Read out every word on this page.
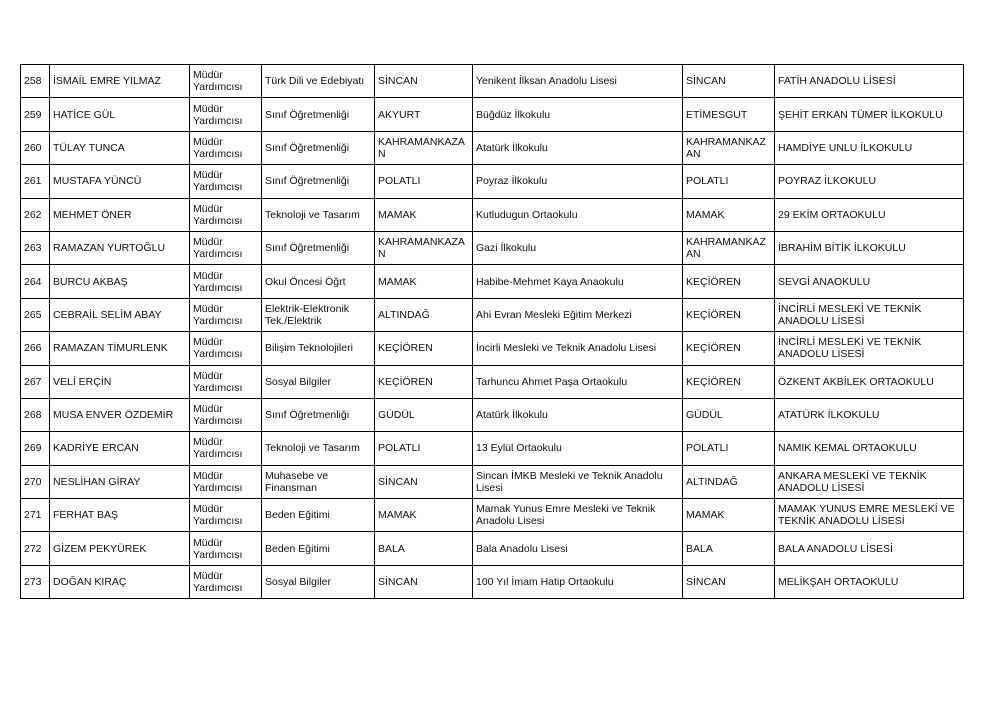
258	İSMAİL EMRE YILMAZ	Müdür Yardımcısı	Türk Dili ve Edebiyatı	SİNCAN	Yenikent İlksan Anadolu Lisesi	SİNCAN	FATİH ANADOLU LİSESİ
259	HATİCE GÜL	Müdür Yardımcısı	Sınıf Öğretmenliği	AKYURT	Büğdüz İlkokulu	ETİMESGUT	ŞEHİT ERKAN TÜMER İLKOKULU
260	TÜLAY TUNCA	Müdür Yardımcısı	Sınıf Öğretmenliği	KAHRAMANKAZAN	Atatürk İlkokulu	KAHRAMANKAZAN	HAMDİYE UNLU İLKOKULU
261	MUSTAFA YÜNCÜ	Müdür Yardımcısı	Sınıf Öğretmenliği	POLATLI	Poyraz İlkokulu	POLATLI	POYRAZ İLKOKULU
262	MEHMET ÖNER	Müdür Yardımcısı	Teknoloji ve Tasarım	MAMAK	Kutludugun Ortaokulu	MAMAK	29 EKİM ORTAOKULU
263	RAMAZAN YURTOĞLU	Müdür Yardımcısı	Sınıf Öğretmenliği	KAHRAMANKAZAN	Gazi İlkokulu	KAHRAMANKAZAN	İBRAHİM BİTİK İLKOKULU
264	BURCU AKBAŞ	Müdür Yardımcısı	Okul Öncesi Öğrt	MAMAK	Habibe-Mehmet Kaya Anaokulu	KEÇİÖREN	SEVGİ ANAOKULU
265	CEBRAİL SELİM ABAY	Müdür Yardımcısı	Elektrik-Elektronik Tek./Elektrik	ALTINDAĞ	Ahi Evran Mesleki Eğitim Merkezi	KEÇİÖREN	İNCİRLİ MESLEKİ VE TEKNİK ANADOLU LİSESİ
266	RAMAZAN TİMURLENK	Müdür Yardımcısı	Bilişim Teknolojileri	KEÇİÖREN	İncirli Mesleki ve Teknik Anadolu Lisesi	KEÇİÖREN	İNCİRLİ MESLEKİ VE TEKNİK ANADOLU LİSESİ
267	VELİ ERÇİN	Müdür Yardımcısı	Sosyal Bilgiler	KEÇİÖREN	Tarhuncu Ahmet Paşa Ortaokulu	KEÇİÖREN	ÖZKENT AKBİLEK ORTAOKULU
268	MUSA ENVER ÖZDEMİR	Müdür Yardımcısı	Sınıf Öğretmenliği	GÜDÜL	Atatürk İlkokulu	GÜDÜL	ATATÜRK İLKOKULU
269	KADRİYE ERCAN	Müdür Yardımcısı	Teknoloji ve Tasarım	POLATLI	13 Eylül Ortaokulu	POLATLI	NAMIK KEMAL ORTAOKULU
270	NESLİHAN GİRAY	Müdür Yardımcısı	Muhasebe ve Finansman	SİNCAN	Sincan İMKB Mesleki ve Teknik Anadolu Lisesi	ALTINDAĞ	ANKARA MESLEKİ VE TEKNİK ANADOLU LİSESİ
271	FERHAT BAŞ	Müdür Yardımcısı	Beden Eğitimi	MAMAK	Mamak Yunus Emre Mesleki ve Teknik Anadolu Lisesi	MAMAK	MAMAK YUNUS EMRE MESLEKİ VE TEKNİK ANADOLU LİSESİ
272	GİZEM PEKYÜREK	Müdür Yardımcısı	Beden Eğitimi	BALA	Bala Anadolu Lisesi	BALA	BALA ANADOLU LİSESİ
273	DOĞAN KIRAÇ	Müdür Yardımcısı	Sosyal Bilgiler	SİNCAN	100 Yıl İmam Hatip Ortaokulu	SİNCAN	MELİKŞAH ORTAOKULU
